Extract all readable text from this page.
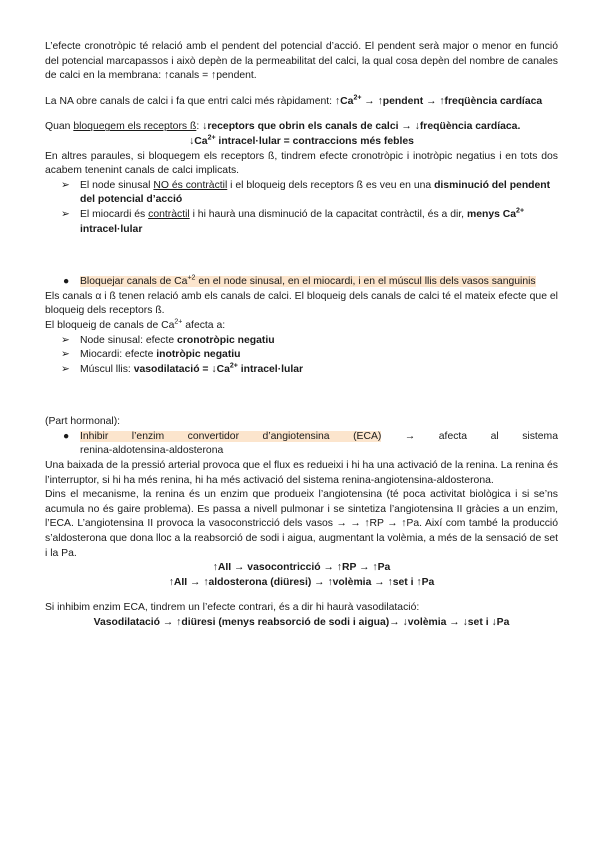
L’efecte cronotròpic té relació amb el pendent del potencial d’acció. El pendent serà major o menor en funció del potencial marcapassos i això depèn de la permeabilitat del calci, la qual cosa depèn del nombre de canales de calci en la membrana: ↑canals = ↑pendent.

La NA obre canals de calci i fa que entri calci més ràpidament: $↑Ca^{2+}$ → ↑pendent → ↑freqüència cardíaca

Quan bloquegem els receptors ß: ↓receptors que obrin els canals de calci → ↓freqüència cardíaca.

$↓Ca^{2+}$ intracel·lular = contraccions més febles

En altres paraules, si bloquegem els receptors ß, tindrem efecte cronotròpic i inotròpic negatius i en tots dos acabem tenenint canals de calci implicats.

➢ El node sinusal NO és contràctil i el bloqueig dels receptors ß es veu en una disminució del pendent del potencial d’acció
➢ El miocardi és contràctil i hi haurà una disminució de la capacitat contràctil, és a dir, menys $Ca^{2+}$ intracel·lular
● Bloquejar canals de $Ca^{+2}$ en el node sinusal, en el miocardi, i en el múscul llis dels vasos sanguinis

Els canals α i ß tenen relació amb els canals de calci. El bloqueig dels canals de calci té el mateix efecte que el bloqueig dels receptors ß.

El bloqueig de canals de $Ca^{2+}$ afecta a:

➢ Node sinusal: efecte cronotròpic negatiu
➢ Miocardi: efecte inotròpic negatiu
➢ Múscul llis: vasodilatació = $↓Ca^{2+}$ intracel·lular

(Part hormonal):

● Inhibir l’enzim convertidor d’angiotensina (ECA) → afecta al sistema
renina-aldotensina-aldosterona

Una baixada de la pressió arterial provoca que el flux es redueixi i hi ha una activació de la renina. La renina és l’interruptor, si hi ha més renina, hi ha més activació del sistema renina-angiotensina-aldosterona.

Dins el mecanisme, la renina és un enzim que produeix l’angiotensina (té poca activitat biològica i si se’ns acumula no és gaire problema). Es passa a nivell pulmonar i se sintetiza l’angiotensina II gràcies a un enzim, l’ECA. L’angiotensina II provoca la vasoconstricció dels vasos → → ↑RP → ↑Pa. Així com també la producció s’aldosterona que dona lloc a la reabsorció de sodi i aigua, augmentant la volèmia, a més de la sensació de set i la Pa.

↑AII → vasocontricció → ↑RP → ↑Pa

↑AII → ↑aldosterona (diüresi) → ↑volèmia → ↑set i ↑Pa

Si inhibim enzim ECA, tindrem un l’efecte contrari, és a dir hi haurà vasodilatació:

Vasodilatació → ↑diüresi (menys reabsorció de sodi i aigua)→ ↓volèmia → ↓set i ↓Pa
